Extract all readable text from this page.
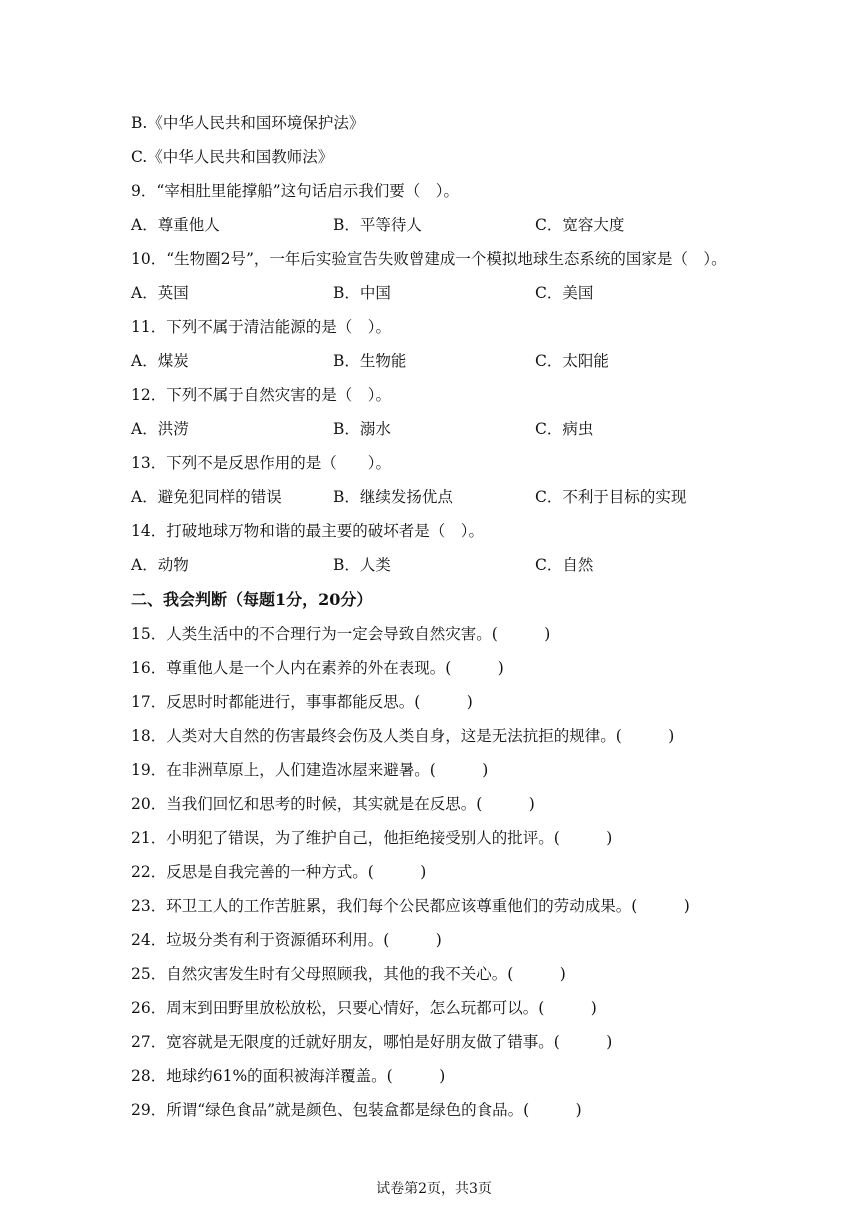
B.《中华人民共和国环境保护法》
C.《中华人民共和国教师法》
9．“宰相肚里能撑船”这句话启示我们要（　）。
A．尊重他人	B．平等待人	C．宽容大度
10．“生物圈2号”，一年后实验宣告失败曾建成一个模拟地球生态系统的国家是（　）。
A．英国	B．中国	C．美国
11．下列不属于清洁能源的是（　）。
A．煤炭	B．生物能	C．太阳能
12．下列不属于自然灾害的是（　）。
A．洪涝	B．溺水	C．病虫
13．下列不是反思作用的是（　　）。
A．避免犯同样的错误	B．继续发扬优点	C．不利于目标的实现
14．打破地球万物和谐的最主要的破坏者是（　）。
A．动物	B．人类	C．自然
二、我会判断（每题1分，20分）
15．人类生活中的不合理行为一定会导致自然灾害。(　　　)
16．尊重他人是一个人内在素养的外在表现。(　　　)
17．反思时时都能进行，事事都能反思。(　　　)
18．人类对大自然的伤害最终会伤及人类自身，这是无法抗拒的规律。(　　　)
19．在非洲草原上，人们建造冰屋来避暑。(　　　)
20．当我们回忆和思考的时候，其实就是在反思。(　　　)
21．小明犯了错误，为了维护自己，他拒绝接受别人的批评。(　　　)
22．反思是自我完善的一种方式。(　　　)
23．环卫工人的工作苦脏累，我们每个公民都应该尊重他们的劳动成果。(　　　)
24．垃圾分类有利于资源循环利用。(　　　)
25．自然灾害发生时有父母照顾我，其他的我不关心。(　　　)
26．周末到田野里放松放松，只要心情好，怎么玩都可以。(　　　)
27．宽容就是无限度的迁就好朋友，哪怕是好朋友做了错事。(　　　)
28．地球约61%的面积被海洋覆盖。(　　　)
29．所谓“绿色食品”就是颜色、包装盒都是绿色的食品。(　　　)
试卷第2页，共3页
